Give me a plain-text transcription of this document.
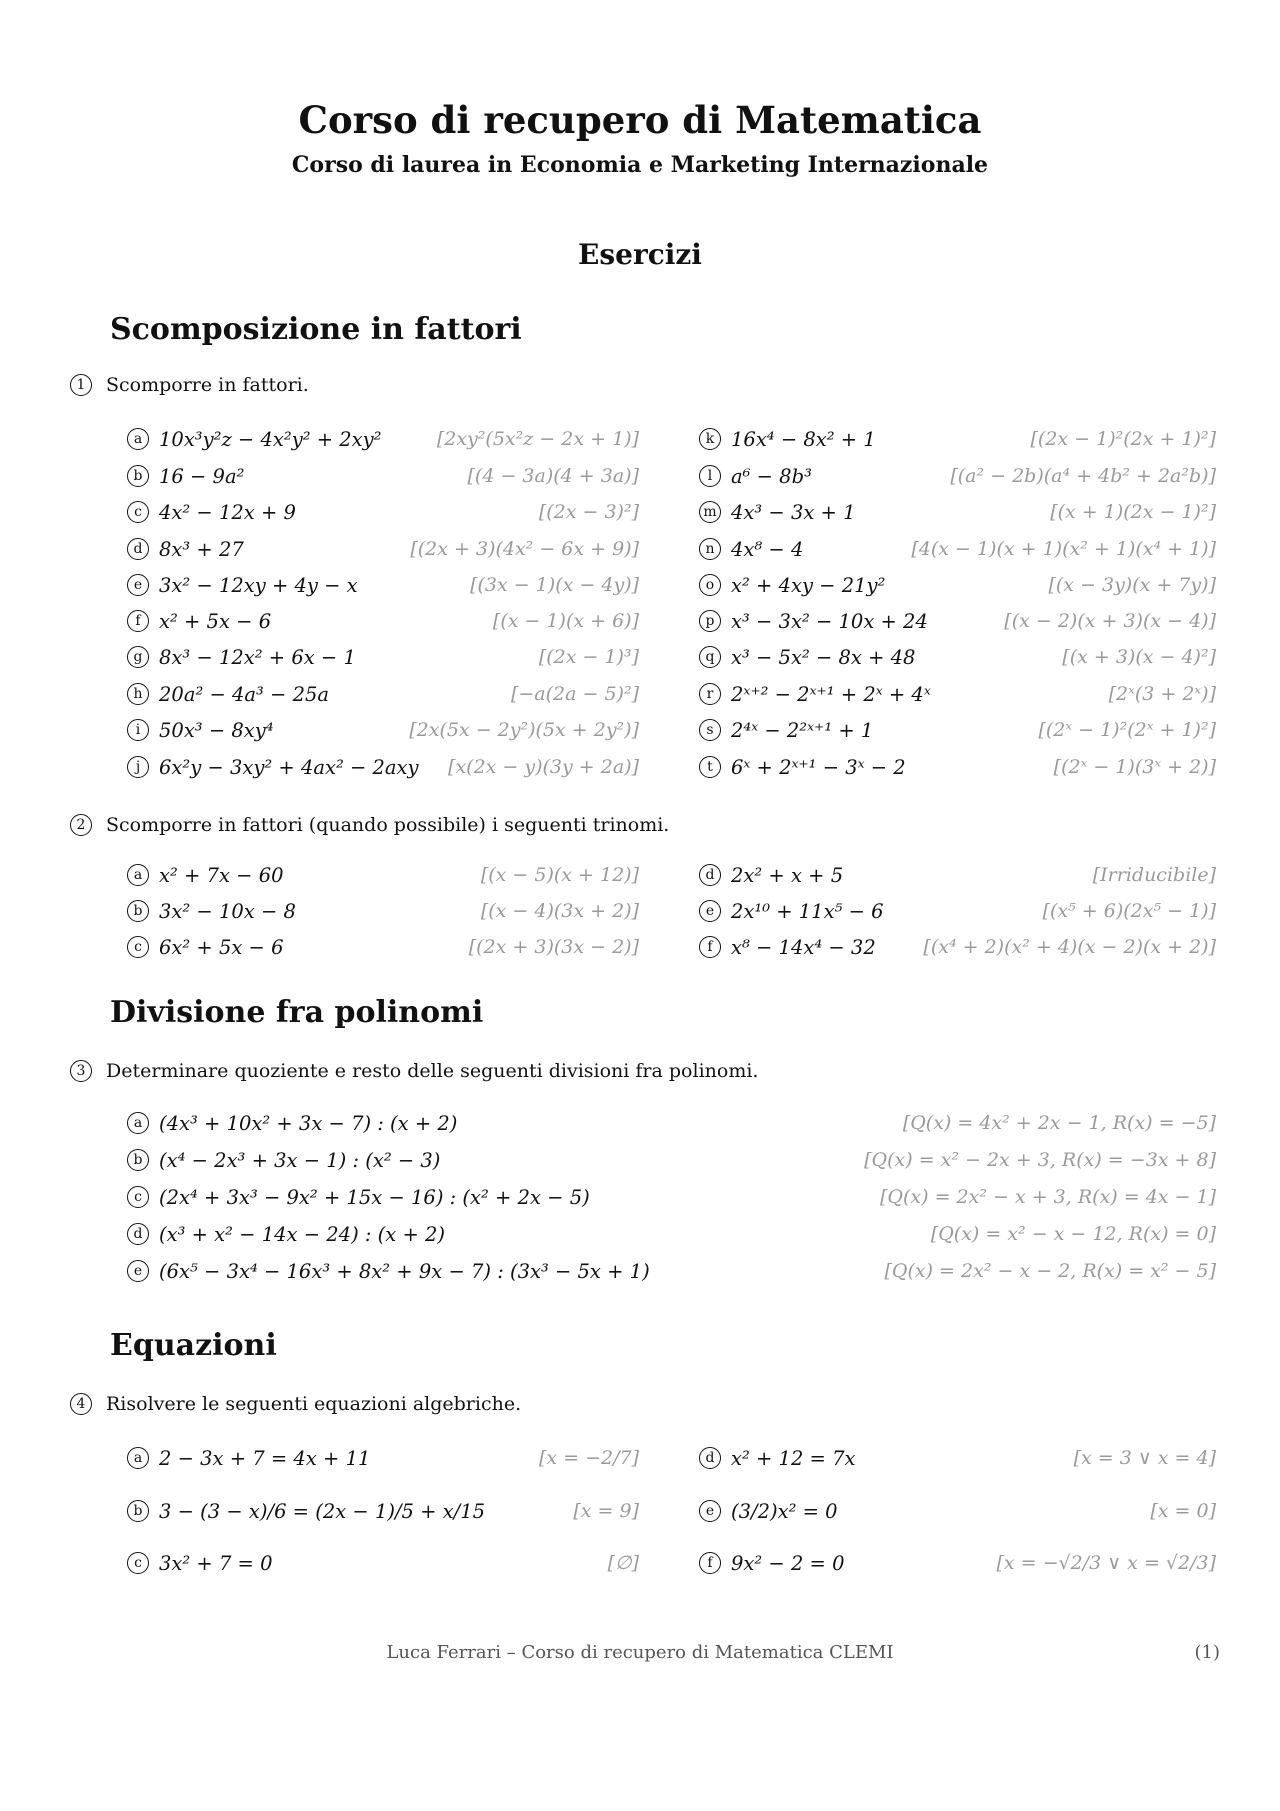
Corso di recupero di Matematica
Corso di laurea in Economia e Marketing Internazionale
Esercizi
Scomposizione in fattori
1	Scomporre in fattori.
a 10x³y²z − 4x²y² + 2xy²	[2xy²(5x²z − 2x + 1)]
b 16 − 9a²	[(4 − 3a)(4 + 3a)]
c 4x² − 12x + 9	[(2x − 3)²]
d 8x³ + 27	[(2x + 3)(4x² − 6x + 9)]
e 3x² − 12xy + 4y − x	[(3x − 1)(x − 4y)]
f x² + 5x − 6	[(x − 1)(x + 6)]
g 8x³ − 12x² + 6x − 1	[(2x − 1)³]
h 20a² − 4a³ − 25a	[−a(2a − 5)²]
i 50x³ − 8xy⁴	[2x(5x − 2y²)(5x + 2y²)]
j 6x²y − 3xy² + 4ax² − 2axy [x(2x − y)(3y + 2a)]
k 16x⁴ − 8x² + 1	[(2x − 1)²(2x + 1)²]
l a⁶ − 8b³	[(a² − 2b)(a⁴ + 4b² + 2a²b)]
m 4x³ − 3x + 1	[(x + 1)(2x − 1)²]
n 4x⁸ − 4	[4(x − 1)(x + 1)(x² + 1)(x⁴ + 1)]
o x² + 4xy − 21y²	[(x − 3y)(x + 7y)]
p x³ − 3x² − 10x + 24	[(x − 2)(x + 3)(x − 4)]
q x³ − 5x² − 8x + 48	[(x + 3)(x − 4)²]
r 2ˣ⁺² − 2ˣ⁺¹ + 2ˣ + 4ˣ	[2ˣ(3 + 2ˣ)]
s 2⁴ˣ − 2²ˣ⁺¹ + 1	[(2ˣ − 1)²(2ˣ + 1)²]
t 6ˣ + 2ˣ⁺¹ − 3ˣ − 2	[(2ˣ − 1)(3ˣ + 2)]
2	Scomporre in fattori (quando possibile) i seguenti trinomi.
a x² + 7x − 60	[(x − 5)(x + 12)]
b 3x² − 10x − 8	[(x − 4)(3x + 2)]
c 6x² + 5x − 6	[(2x + 3)(3x − 2)]
d 2x² + x + 5	[Irriducibile]
e 2x¹⁰ + 11x⁵ − 6	[(x⁵ + 6)(2x⁵ − 1)]
f x⁸ − 14x⁴ − 32	[(x⁴ + 2)(x² + 4)(x − 2)(x + 2)]
Divisione fra polinomi
3	Determinare quoziente e resto delle seguenti divisioni fra polinomi.
a (4x³ + 10x² + 3x − 7) : (x + 2)	[Q(x) = 4x² + 2x − 1, R(x) = −5]
b (x⁴ − 2x³ + 3x − 1) : (x² − 3)	[Q(x) = x² − 2x + 3, R(x) = −3x + 8]
c (2x⁴ + 3x³ − 9x² + 15x − 16) : (x² + 2x − 5)	[Q(x) = 2x² − x + 3, R(x) = 4x − 1]
d (x³ + x² − 14x − 24) : (x + 2)	[Q(x) = x² − x − 12, R(x) = 0]
e (6x⁵ − 3x⁴ − 16x³ + 8x² + 9x − 7) : (3x³ − 5x + 1)	[Q(x) = 2x² − x − 2, R(x) = x² − 5]
Equazioni
4	Risolvere le seguenti equazioni algebriche.
a 2 − 3x + 7 = 4x + 11	[x = −2/7]
b 3 − (3 − x)/6 = (2x − 1)/5 + x/15	[x = 9]
c 3x² + 7 = 0	[∅]
d x² + 12 = 7x	[x = 3 ∨ x = 4]
e (3/2)x² = 0	[x = 0]
f 9x² − 2 = 0	[x = −√2/3 ∨ x = √2/3]
Luca Ferrari – Corso di recupero di Matematica CLEMI	(1)
